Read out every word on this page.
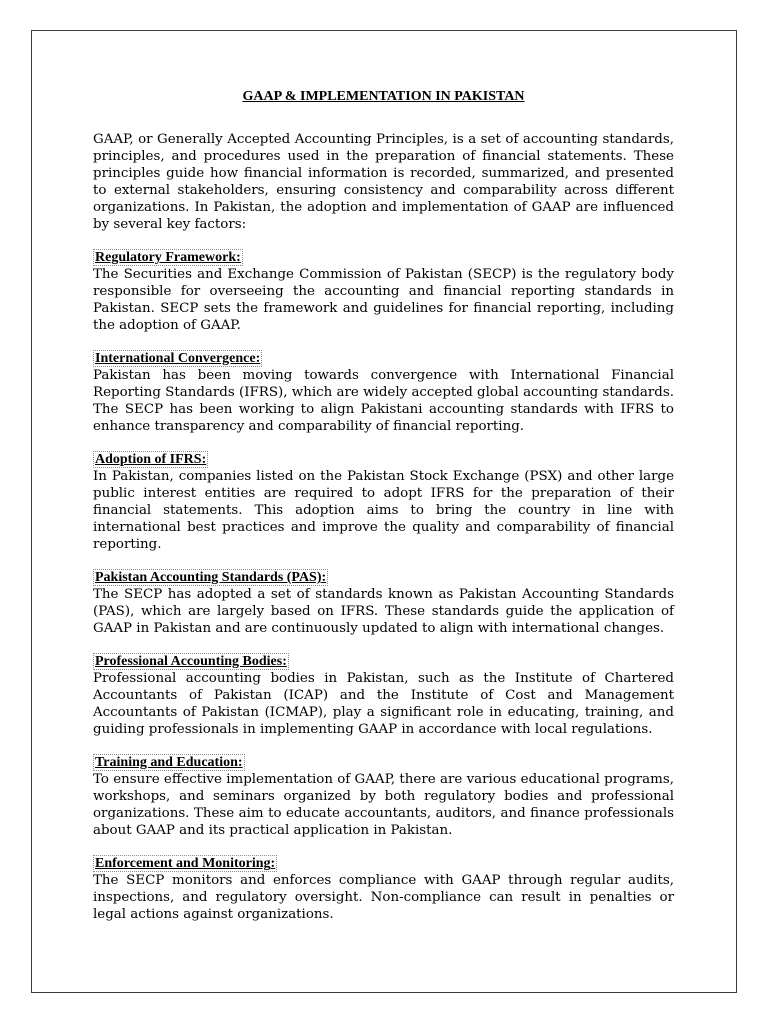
GAAP & IMPLEMENTATION IN PAKISTAN

GAAP, or Generally Accepted Accounting Principles, is a set of accounting standards, principles, and procedures used in the preparation of financial statements. These principles guide how financial information is recorded, summarized, and presented to external stakeholders, ensuring consistency and comparability across different organizations. In Pakistan, the adoption and implementation of GAAP are influenced by several key factors:

Regulatory Framework:

The Securities and Exchange Commission of Pakistan (SECP) is the regulatory body responsible for overseeing the accounting and financial reporting standards in Pakistan. SECP sets the framework and guidelines for financial reporting, including the adoption of GAAP.

International Convergence:

Pakistan has been moving towards convergence with International Financial Reporting Standards (IFRS), which are widely accepted global accounting standards. The SECP has been working to align Pakistani accounting standards with IFRS to enhance transparency and comparability of financial reporting.

Adoption of IFRS:

In Pakistan, companies listed on the Pakistan Stock Exchange (PSX) and other large public interest entities are required to adopt IFRS for the preparation of their financial statements. This adoption aims to bring the country in line with international best practices and improve the quality and comparability of financial reporting.

Pakistan Accounting Standards (PAS):

The SECP has adopted a set of standards known as Pakistan Accounting Standards (PAS), which are largely based on IFRS. These standards guide the application of GAAP in Pakistan and are continuously updated to align with international changes.

Professional Accounting Bodies:

Professional accounting bodies in Pakistan, such as the Institute of Chartered Accountants of Pakistan (ICAP) and the Institute of Cost and Management Accountants of Pakistan (ICMAP), play a significant role in educating, training, and guiding professionals in implementing GAAP in accordance with local regulations.

Training and Education:

To ensure effective implementation of GAAP, there are various educational programs, workshops, and seminars organized by both regulatory bodies and professional organizations. These aim to educate accountants, auditors, and finance professionals about GAAP and its practical application in Pakistan.

Enforcement and Monitoring:

The SECP monitors and enforces compliance with GAAP through regular audits, inspections, and regulatory oversight. Non-compliance can result in penalties or legal actions against organizations.
